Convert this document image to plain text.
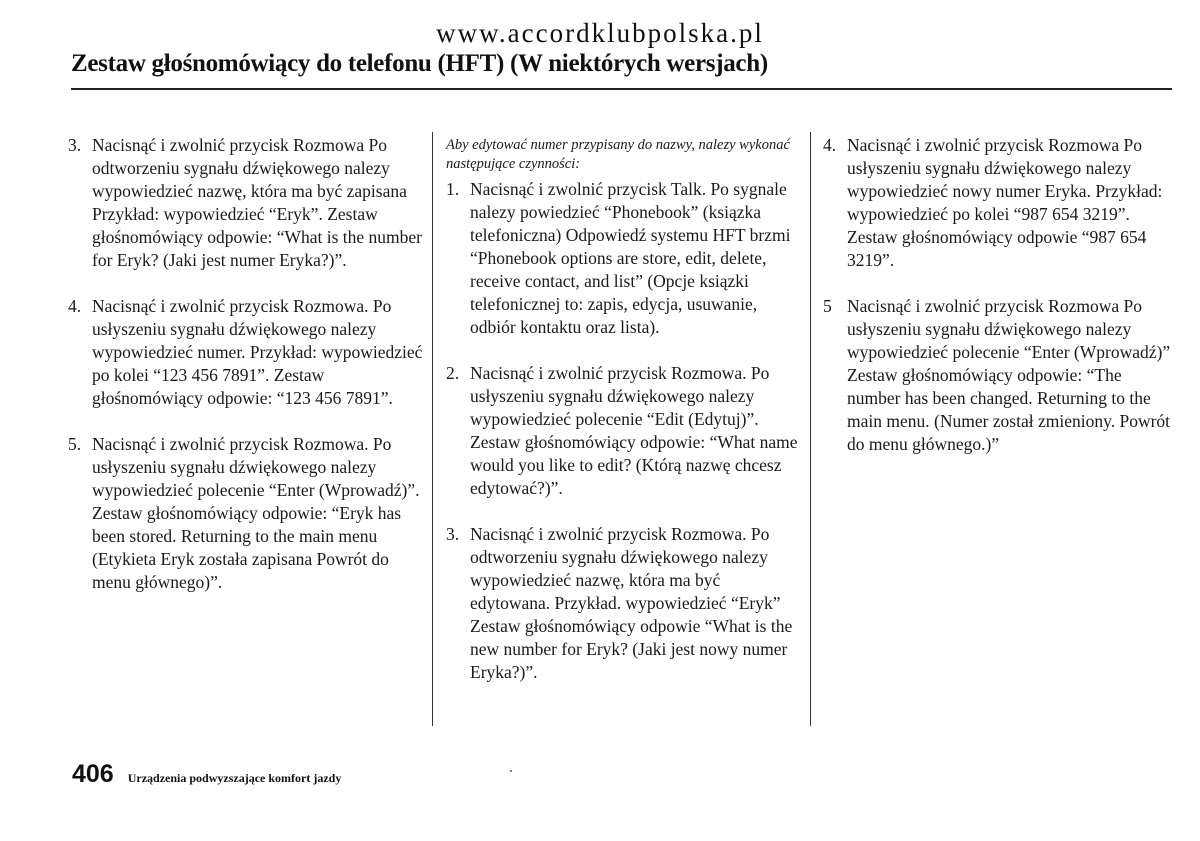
www.accordklubpolska.pl
Zestaw głośnomówiący do telefonu (HFT) (W niektórych wersjach)
3. Nacisnąć i zwolnić przycisk Rozmowa Po odtworzeniu sygnału dźwiękowego nalezy wypowiedzieć nazwę, która ma być zapisana Przykład: wypowiedzieć “Eryk”. Zestaw głośnomówiący odpowie: “What is the number for Eryk? (Jaki jest numer Eryka?)”.
4. Nacisnąć i zwolnić przycisk Rozmowa. Po usłyszeniu sygnału dźwiękowego nalezy wypowiedzieć numer. Przykład: wypowiedzieć po kolei “123 456 7891”. Zestaw głośnomówiący odpowie: “123 456 7891”.
5. Nacisnąć i zwolnić przycisk Rozmowa. Po usłyszeniu sygnału dźwiękowego nalezy wypowiedzieć polecenie “Enter (Wprowadź)”. Zestaw głośnomówiący odpowie: “Eryk has been stored. Returning to the main menu (Etykieta Eryk została zapisana Powrót do menu głównego)”.
Aby edytować numer przypisany do nazwy, nalezy wykonać następujące czynności:
1. Nacisnąć i zwolnić przycisk Talk. Po sygnale nalezy powiedzieć “Phonebook” (ksiązka telefoniczna) Odpowiedź systemu HFT brzmi “Phonebook options are store, edit, delete, receive contact, and list” (Opcje ksiązki telefonicznej to: zapis, edycja, usuwanie, odbiór kontaktu oraz lista).
2. Nacisnąć i zwolnić przycisk Rozmowa. Po usłyszeniu sygnału dźwiękowego nalezy wypowiedzieć polecenie “Edit (Edytuj)”. Zestaw głośnomówiący odpowie: “What name would you like to edit? (Którą nazwę chcesz edytować?)”.
3. Nacisnąć i zwolnić przycisk Rozmowa. Po odtworzeniu sygnału dźwiękowego nalezy wypowiedzieć nazwę, która ma być edytowana. Przykład. wypowiedzieć “Eryk” Zestaw głośnomówiący odpowie “What is the new number for Eryk? (Jaki jest nowy numer Eryka?)”.
4. Nacisnąć i zwolnić przycisk Rozmowa Po usłyszeniu sygnału dźwiękowego nalezy wypowiedzieć nowy numer Eryka. Przykład: wypowiedzieć po kolei “987 654 3219”. Zestaw głośnomówiący odpowie “987 654 3219”.
5 Nacisnąć i zwolnić przycisk Rozmowa Po usłyszeniu sygnału dźwiękowego nalezy wypowiedzieć polecenie “Enter (Wprowadź)” Zestaw głośnomówiący odpowie: “The number has been changed. Returning to the main menu. (Numer został zmieniony. Powrót do menu głównego.)”
406 Urządzenia podwyzszające komfort jazdy
